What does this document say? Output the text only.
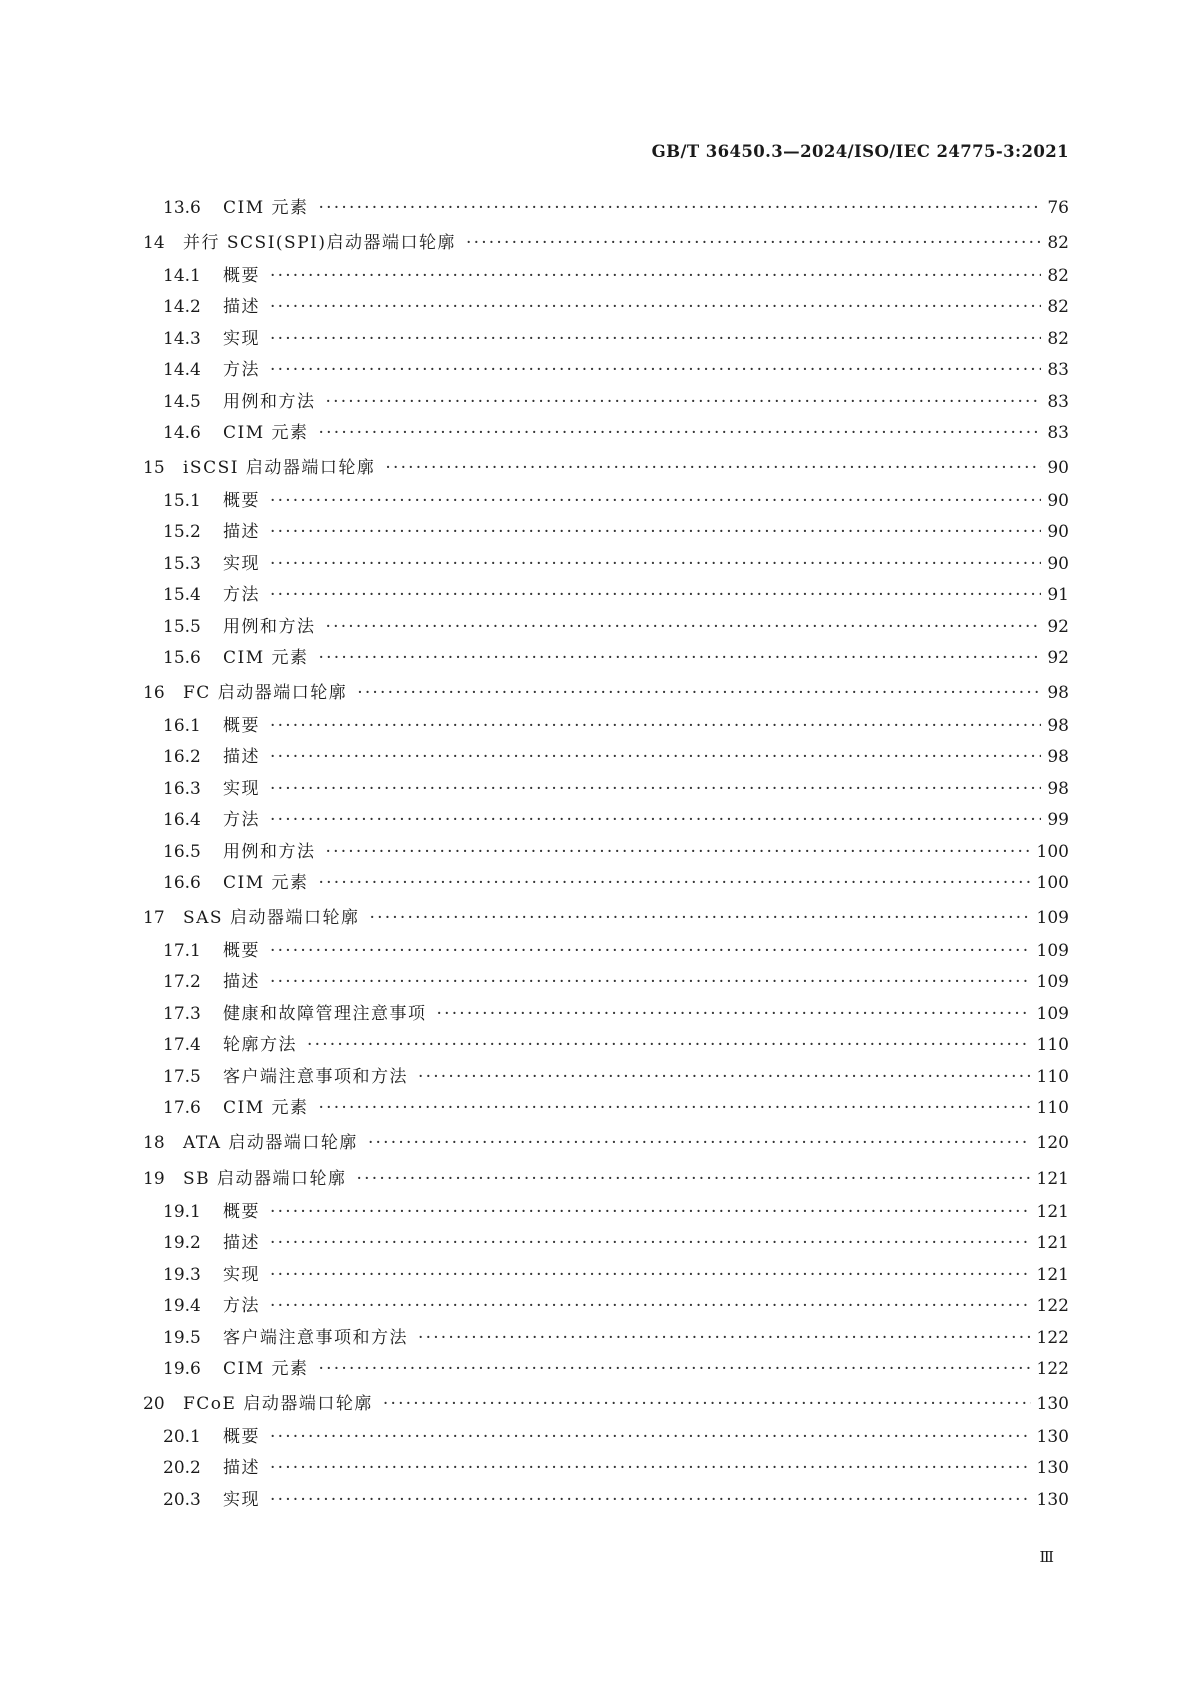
GB/T 36450.3—2024/ISO/IEC 24775-3:2021
13.6	CIM 元素 ·····	76
14	并行 SCSI(SPI)启动器端口轮廓 ·····	82
14.1	概要 ·····	82
14.2	描述 ·····	82
14.3	实现 ·····	82
14.4	方法 ·····	83
14.5	用例和方法 ·····	83
14.6	CIM 元素 ·····	83
15	iSCSI 启动器端口轮廓 ·····	90
15.1	概要 ·····	90
15.2	描述 ·····	90
15.3	实现 ·····	90
15.4	方法 ·····	91
15.5	用例和方法 ·····	92
15.6	CIM 元素 ·····	92
16	FC 启动器端口轮廓 ·····	98
16.1	概要 ·····	98
16.2	描述 ·····	98
16.3	实现 ·····	98
16.4	方法 ·····	99
16.5	用例和方法 ·····	100
16.6	CIM 元素 ·····	100
17	SAS 启动器端口轮廓 ·····	109
17.1	概要 ·····	109
17.2	描述 ·····	109
17.3	健康和故障管理注意事项 ·····	109
17.4	轮廓方法 ·····	110
17.5	客户端注意事项和方法 ·····	110
17.6	CIM 元素 ·····	110
18	ATA 启动器端口轮廓 ·····	120
19	SB 启动器端口轮廓 ·····	121
19.1	概要 ·····	121
19.2	描述 ·····	121
19.3	实现 ·····	121
19.4	方法 ·····	122
19.5	客户端注意事项和方法 ·····	122
19.6	CIM 元素 ·····	122
20	FCoE 启动器端口轮廓 ·····	130
20.1	概要 ·····	130
20.2	描述 ·····	130
20.3	实现 ·····	130
Ⅲ
